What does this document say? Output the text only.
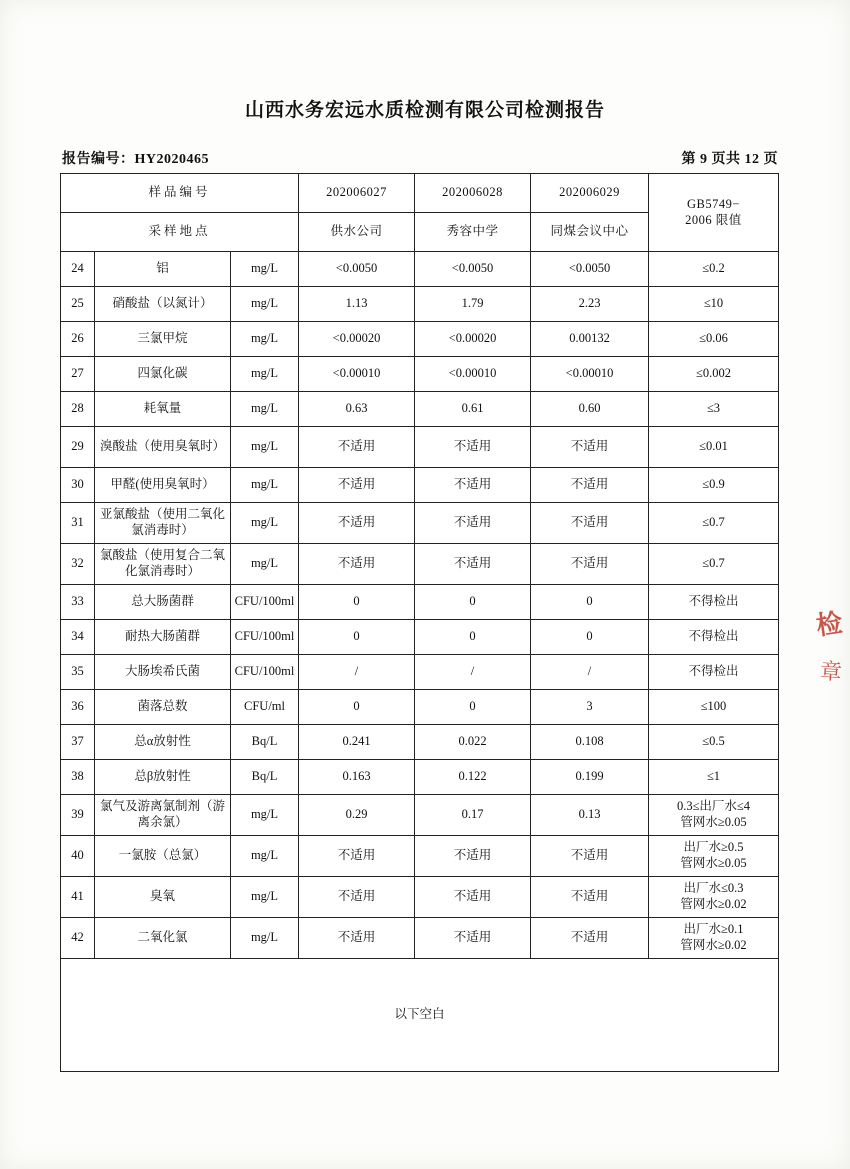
山西水务宏远水质检测有限公司检测报告
报告编号：HY2020465	第 9 页共 12 页
样品编号			202006027	202006028	202006029	GB5749−
2006 限值

采样地点			供水公司	秀容中学	同煤会议中心	
24	铝	mg/L	<0.0050	<0.0050	<0.0050	≤0.2
25	硝酸盐（以氮计）	mg/L	1.13	1.79	2.23	≤10
26	三氯甲烷	mg/L	<0.00020	<0.00020	0.00132	≤0.06
27	四氯化碳	mg/L	<0.00010	<0.00010	<0.00010	≤0.002
28	耗氧量	mg/L	0.63	0.61	0.60	≤3
29	溴酸盐（使用臭氧时）	mg/L	不适用	不适用	不适用	≤0.01
30	甲醛(使用臭氧时）	mg/L	不适用	不适用	不适用	≤0.9
31	亚氯酸盐（使用二氧化氯消毒时）	mg/L	不适用	不适用	不适用	≤0.7
32	氯酸盐（使用复合二氧化氯消毒时）	mg/L	不适用	不适用	不适用	≤0.7
33	总大肠菌群	CFU/100ml	0	0	0	不得检出
34	耐热大肠菌群	CFU/100ml	0	0	0	不得检出
35	大肠埃希氏菌	CFU/100ml	/	/	/	不得检出
36	菌落总数	CFU/ml	0	0	3	≤100
37	总α放射性	Bq/L	0.241	0.022	0.108	≤0.5
38	总β放射性	Bq/L	0.163	0.122	0.199	≤1
39	氯气及游离氯制剂（游离余氯）	mg/L	0.29	0.17	0.13	0.3≤出厂水≤4
管网水≥0.05

40	一氯胺（总氯）	mg/L	不适用	不适用	不适用	出厂水≥0.5
管网水≥0.05

41	臭氧	mg/L	不适用	不适用	不适用	出厂水≤0.3
管网水≥0.02

42	二氧化氯	mg/L	不适用	不适用	不适用	出厂水≥0.1
管网水≥0.02

以下空白						
检
章
